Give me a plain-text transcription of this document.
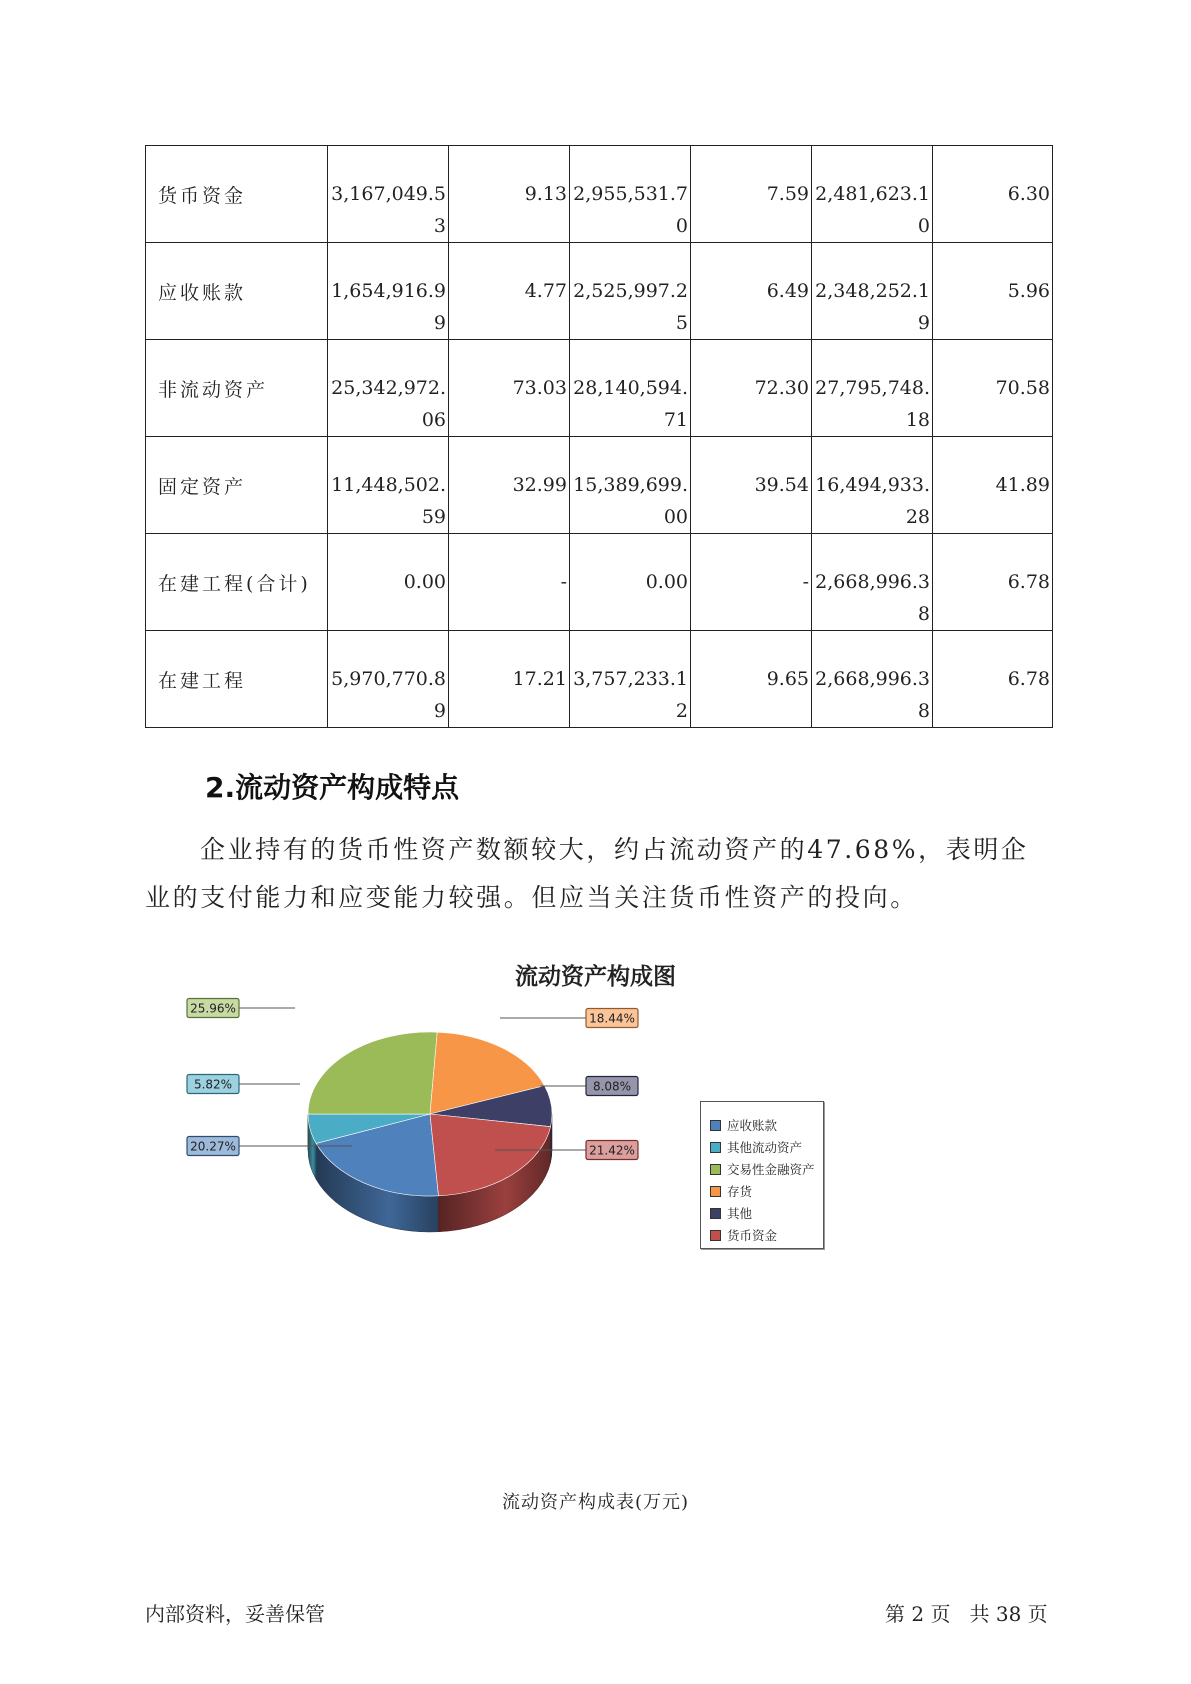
货币资金	3,167,049.53	9.13	2,955,531.70	7.59	2,481,623.10	6.30
应收账款	1,654,916.99	4.77	2,525,997.25	6.49	2,348,252.19	5.96
非流动资产	25,342,972.06	73.03	28,140,594.71	72.30	27,795,748.18	70.58
固定资产	11,448,502.59	32.99	15,389,699.00	39.54	16,494,933.28	41.89
在建工程(合计)	0.00	-	0.00	-	2,668,996.38	6.78
在建工程	5,970,770.89	17.21	3,757,233.12	9.65	2,668,996.38	6.78
2.流动资产构成特点
企业持有的货币性资产数额较大，约占流动资产的47.68%，表明企业的支付能力和应变能力较强。但应当关注货币性资产的投向。
流动资产构成图
20.27%
5.82%
25.96%
18.44%
8.08%
21.42%
应收账款
其他流动资产
交易性金融资产
存货
其他
货币资金
流动资产构成表(万元)
内部资料，妥善保管	第 2 页   共 38 页
